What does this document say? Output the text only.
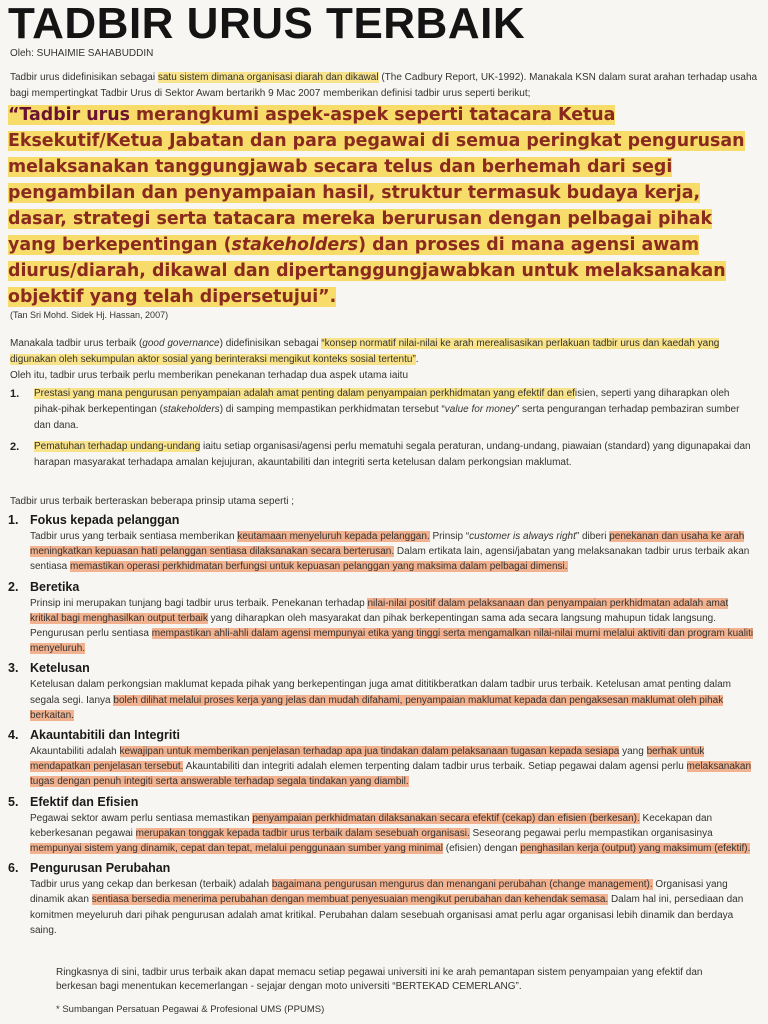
TADBIR URUS TERBAIK
Oleh: SUHAIMIE SAHABUDDIN
Tadbir urus didefinisikan sebagai satu sistem dimana organisasi diarah dan dikawal (The Cadbury Report, UK-1992). Manakala KSN dalam surat arahan terhadap usaha bagi mempertingkat Tadbir Urus di Sektor Awam bertarikh 9 Mac 2007 memberikan definisi tadbir urus seperti berikut;
“Tadbir urus merangkumi aspek-aspek seperti tatacara Ketua Eksekutif/Ketua Jabatan dan para pegawai di semua peringkat pengurusan melaksanakan tanggungjawab secara telus dan berhemah dari segi pengambilan dan penyampaian hasil, struktur termasuk budaya kerja, dasar, strategi serta tatacara mereka berurusan dengan pelbagai pihak yang berkepentingan (stakeholders) dan proses di mana agensi awam diurus/diarah, dikawal dan dipertanggungjawabkan untuk melaksanakan objektif yang telah dipersetujui”.
(Tan Sri Mohd. Sidek Hj. Hassan, 2007)
Manakala tadbir urus terbaik (good governance) didefinisikan sebagai “konsep normatif nilai-nilai ke arah merealisasikan perlakuan tadbir urus dan kaedah yang digunakan oleh sekumpulan aktor sosial yang berinteraksi mengikut konteks sosial tertentu”.
Oleh itu, tadbir urus terbaik perlu memberikan penekanan terhadap dua aspek utama iaitu
1. Prestasi yang mana pengurusan penyampaian adalah amat penting dalam penyampaian perkhidmatan yang efektif dan efisien, seperti yang diharapkan oleh pihak-pihak berkepentingan (stakeholders) di samping mempastikan perkhidmatan tersebut “value for money” serta pengurangan terhadap pembaziran sumber dan dana.
2. Pematuhan terhadap undang-undang iaitu setiap organisasi/agensi perlu mematuhi segala peraturan, undang-undang, piawaian (standard) yang digunapakai dan harapan masyarakat terhadapa amalan kejujuran, akauntabiliti dan integriti serta ketelusan dalam perkongsian maklumat.
Tadbir urus terbaik berteraskan beberapa prinsip utama seperti ;
1. Fokus kepada pelanggan
Tadbir urus yang terbaik sentiasa memberikan keutamaan menyeluruh kepada pelanggan. Prinsip “customer is always right” diberi penekanan dan usaha ke arah meningkatkan kepuasan hati pelanggan sentiasa dilaksanakan secara berterusan. Dalam ertikata lain, agensi/jabatan yang melaksanakan tadbir urus terbaik akan sentiasa memastikan operasi perkhidmatan berfungsi untuk kepuasan pelanggan yang maksima dalam pelbagai dimensi.
2. Beretika
Prinsip ini merupakan tunjang bagi tadbir urus terbaik. Penekanan terhadap nilai-nilai positif dalam pelaksanaan dan penyampaian perkhidmatan adalah amat kritikal bagi menghasilkan output terbaik yang diharapkan oleh masyarakat dan pihak berkepentingan sama ada secara langsung mahupun tidak langsung. Pengurusan perlu sentiasa mempastikan ahli-ahli dalam agensi mempunyai etika yang tinggi serta mengamalkan nilai-nilai murni melalui aktiviti dan program kualiti menyeluruh.
3. Ketelusan
Ketelusan dalam perkongsian maklumat kepada pihak yang berkepentingan juga amat dititikberatkan dalam tadbir urus terbaik. Ketelusan amat penting dalam segala segi. Ianya boleh dilihat melalui proses kerja yang jelas dan mudah difahami, penyampaian maklumat kepada dan pengaksesan maklumat oleh pihak berkaitan.
4. Akauntabitili dan Integriti
Akauntabiliti adalah kewajipan untuk memberikan penjelasan terhadap apa jua tindakan dalam pelaksanaan tugasan kepada sesiapa yang berhak untuk mendapatkan penjelasan tersebut. Akauntabiliti dan integriti adalah elemen terpenting dalam tadbir urus terbaik. Setiap pegawai dalam agensi perlu melaksanakan tugas dengan penuh integiti serta answerable terhadap segala tindakan yang diambil.
5. Efektif dan Efisien
Pegawai sektor awam perlu sentiasa memastikan penyampaian perkhidmatan dilaksanakan secara efektif (cekap) dan efisien (berkesan). Kecekapan dan keberkesanan pegawai merupakan tonggak kepada tadbir urus terbaik dalam sesebuah organisasi. Seseorang pegawai perlu mempastikan organisasinya mempunyai sistem yang dinamik, cepat dan tepat, melalui penggunaan sumber yang minimal (efisien) dengan penghasilan kerja (output) yang maksimum (efektif).
6. Pengurusan Perubahan
Tadbir urus yang cekap dan berkesan (terbaik) adalah bagaimana pengurusan mengurus dan menangani perubahan (change management). Organisasi yang dinamik akan sentiasa bersedia menerima perubahan dengan membuat penyesuaian mengikut perubahan dan kehendak semasa. Dalam hal ini, persediaan dan komitmen meyeluruh dari pihak pengurusan adalah amat kritikal. Perubahan dalam sesebuah organisasi amat perlu agar organisasi lebih dinamik dan berdaya saing.
Ringkasnya di sini, tadbir urus terbaik akan dapat memacu setiap pegawai universiti ini ke arah pemantapan sistem penyampaian yang efektif dan berkesan bagi menentukan kecemerlangan - sejajar dengan moto universiti “BERTEKAD CEMERLANG”.
* Sumbangan Persatuan Pegawai & Profesional UMS (PPUMS)
